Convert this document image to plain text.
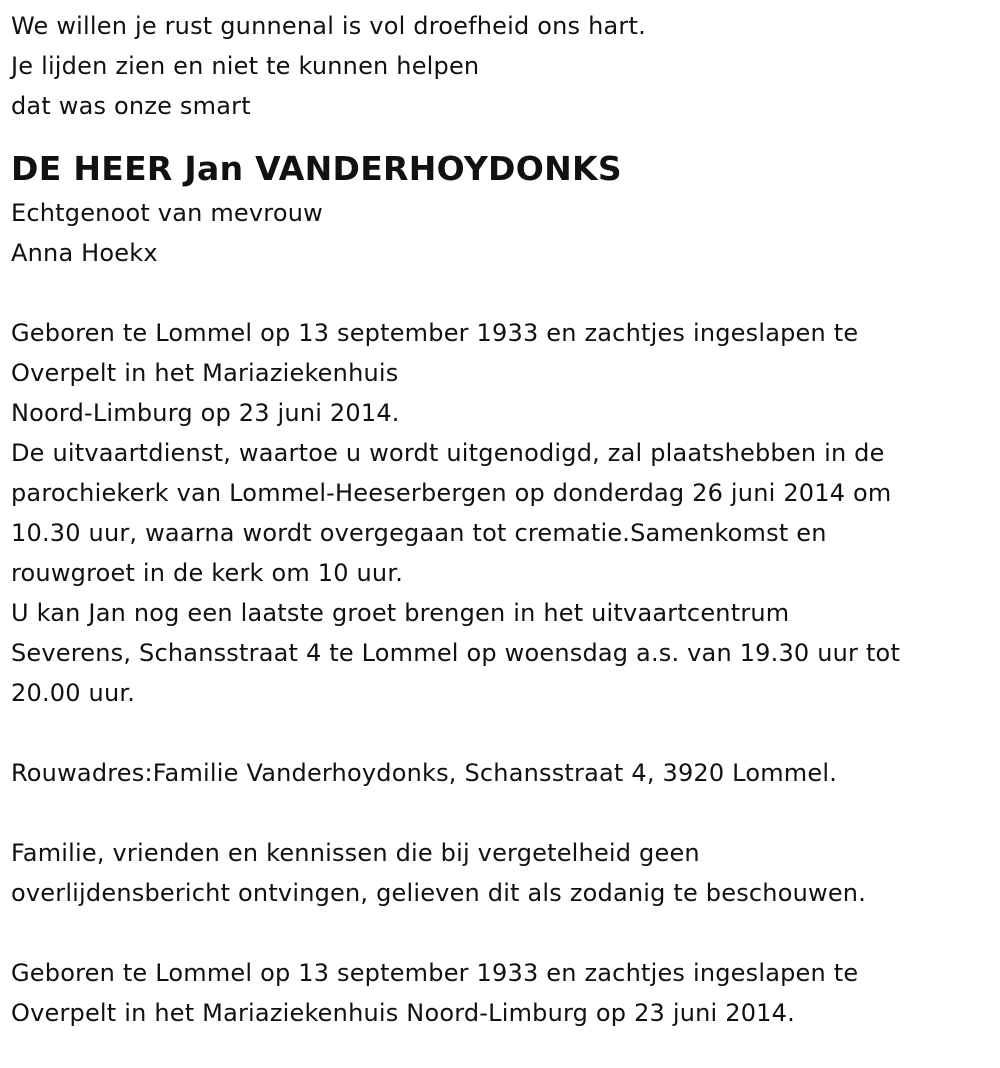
We willen je rust gunnenal is vol droefheid ons hart.
Je lijden zien en niet te kunnen helpen
dat was onze smart
DE HEER Jan VANDERHOYDONKS
Echtgenoot van mevrouw
Anna Hoekx
Geboren te Lommel op 13 september 1933 en zachtjes ingeslapen te
Overpelt in het Mariaziekenhuis
Noord-Limburg op 23 juni 2014.
De uitvaartdienst, waartoe u wordt uitgenodigd, zal plaatshebben in de
parochiekerk van Lommel-Heeserbergen op donderdag 26 juni 2014 om
10.30 uur, waarna wordt overgegaan tot crematie.Samenkomst en
rouwgroet in de kerk om 10 uur.
U kan Jan nog een laatste groet brengen in het uitvaartcentrum
Severens, Schansstraat 4 te Lommel op woensdag a.s. van 19.30 uur tot
20.00 uur.
Rouwadres:Familie Vanderhoydonks, Schansstraat 4, 3920 Lommel.
Familie, vrienden en kennissen die bij vergetelheid geen
overlijdensbericht ontvingen, gelieven dit als zodanig te beschouwen.
Geboren te Lommel op 13 september 1933 en zachtjes ingeslapen te
Overpelt in het Mariaziekenhuis Noord-Limburg op 23 juni 2014.
